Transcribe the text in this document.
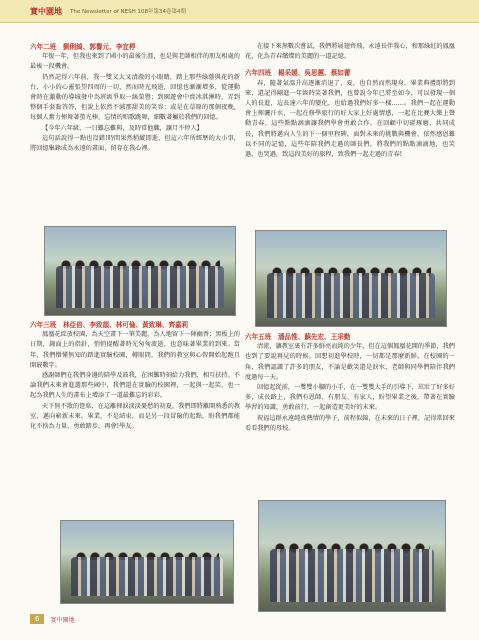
實中園地 The Newsletter of NESH 108年第34卷第4期

六年二班　劉俐綺、郭譽元、李宜楟

年復一年，但我也來到了國小的最後生涯，也是與老師相伴的朋友相處的最後一段機會。

仍然記得六年前，我一雙又大又清澈的小眼睛，踏上那些綠蔭與花的新台，小小的心靈張望四周的一切，然而時光飛逝，回憶也漸漸增多，從運動會時在激動的導城發中為班級爭取一絲榮譽；到園遊會中賣冰淇淋時，弄到整個手套黏答答，但說上依然不減那甜美的笑容；或是在草原的那個夜晚，每個人奮力揮舞著螢光棒，忘情的唱歌跳舞，細數著屬於我們的回憶。

【今年六年級，一日難忘難與，及時常他職，讓月不停人】

這句話說得一點也沒錯!時間果然稍縱即逝，但這六年所經歷的大小事，將回憶集錄成為永遠的畫面，留存在我心裡。

六年三班　林亞倍、李致頡、林可倫、黃致琳、齊嘉莉

鳳凰花綻放校園，為天空畫下一筆美麗，為人地留下一陣幽香；黑板上的日期，鐘面上的指針，悄悄提醒著時光匆匆流逝，也意味著畢業的到來。當年，我們懵懂無知的踏進實驗校園，轉眼間，我們的教室與心智開始起跑且開竅數字。

感謝師們在我們身邊的陪學及鼓我，在困難時刻給力我們，相互扶持。不論我們未來會進選那些國中，我們還在實驗的校園裡，一起與一起笑，也一起為我們人生的畫布上增添了一道最難忘的彩彩。

天下無不散的筵席，在這離揮淚淡淡憂愁的初夏，我們即將離開熟悉的教室，邁向嶄新未來。畢業，不是結束，而是另一段冒險的起點，盼我們都能化不捨為力量，勇敢踏步，再會!學友。

在接下來無數次嘗試，我們將展翅齊飛，永遠長伴我心，和那綠紅的鳳凰花，化為青春繽燦的美麗的一道記憶。

六年四班　楊采媛、吳思蕙、蔡如蕾

春，隨著氣溫升高逐漸消退了，夏，也自然而然現身，畢業典禮即將到來，還記得剛進一年級時笑著我們，也曾說今年已將至如今，可以發現一個人的長進，這長達六年的變化，也給過我們好多一樣……。我們一起在運動會上揮灑汗水，一起在修學旅行的好大家上好處情感，一起在比賽大樂上聲動青春，這些點點滴滴讓我們學會勇敢合作。在回顧中切磋琢磨，共同成長，我們將邁向人生的下一個里程碑，面對未來的挑戰與機會，依然感恩難以不同的記憶，這些年陪我們走過的師長們，將我們的點點滴滴地，也笑過，也哭過，致這段美好的旅程，致我們一起走過的青春!

六年五班　潘品惟、蘇先宏、王采勤

清流，讓教室裏有許多鮮亮而純的少年，但在這個鳳凰花開的季節，我們也到了要說再見的時候。回想初進學校時，一切都是那麼新鮮。在校園的一角，我們認識了許多的朋友，不論是歡笑還是淚水，老師與同學們陪伴我們度過每一天。

回憶起從前，一雙雙小腳的小手，在一雙雙大手的引導下，茁壯了好多好多，成長路上，我們有恩師、有朋友、有家人，盼望畢業之後，帶著在實驗學習的知識，勇敢前行，一起創造更美好的未來。

祝福這群永遠純真熱情的學子，前程似錦，在未來的日子裡，記得常回來看看我們的母校。

6	實中園地
